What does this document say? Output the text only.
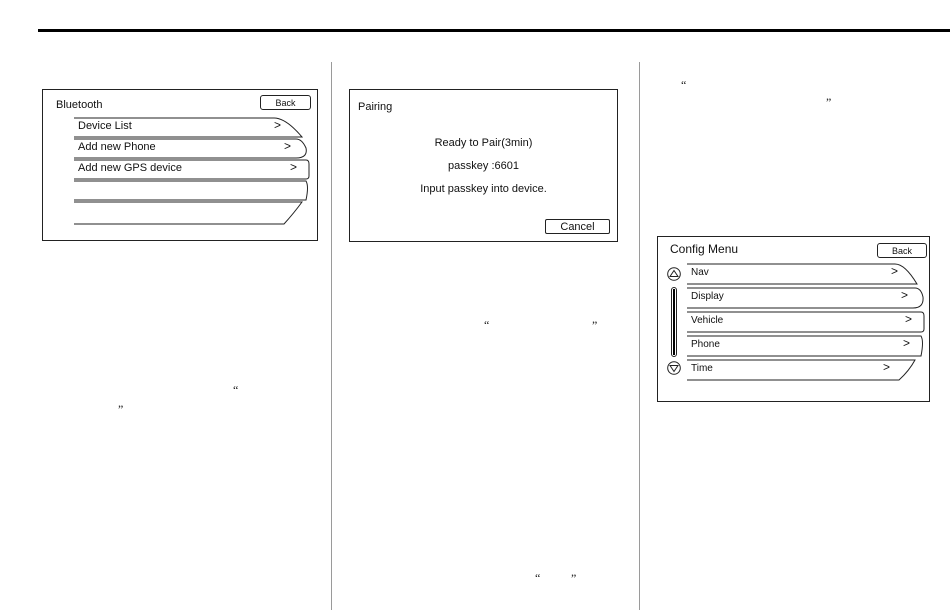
“
”
“	”
“	”
“
”
Bluetooth	Back
Device List	>
Add new Phone	>
Add new GPS device	>
Pairing
Ready to Pair(3min)
passkey :6601
Input passkey into device.
Cancel
Config Menu	Back
Nav	>
Display	>
Vehicle	>
Phone	>
Time	>
